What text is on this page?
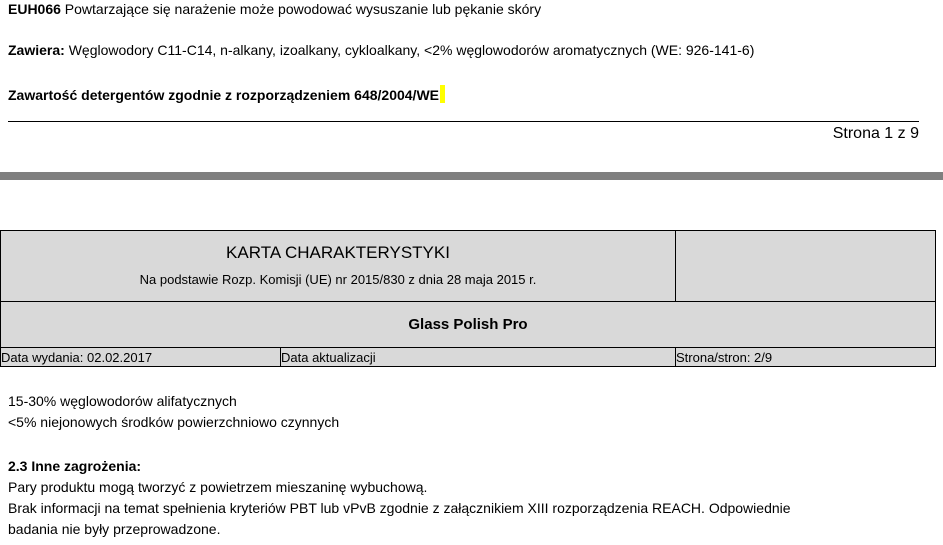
EUH066 Powtarzające się narażenie może powodować wysuszanie lub pękanie skóry
Zawiera: Węglowodory C11-C14, n-alkany, izoalkany, cykloalkany, <2% węglowodorów aromatycznych (WE: 926-141-6)
Zawartość detergentów zgodnie z rozporządzeniem 648/2004/WE
Strona 1 z 9
KARTA CHARAKTERYSTYKI
Na podstawie Rozp. Komisji (UE) nr 2015/830 z dnia 28 maja 2015 r.		

Glass Polish Pro		
Data wydania: 02.02.2017	Data aktualizacji	Strona/stron: 2/9
15-30% węglowodorów alifatycznych
<5% niejonowych środków powierzchniowo czynnych
2.3 Inne zagrożenia:
Pary produktu mogą tworzyć z powietrzem mieszaninę wybuchową.
Brak informacji na temat spełnienia kryteriów PBT lub vPvB zgodnie z załącznikiem XIII rozporządzenia REACH. Odpowiednie
badania nie były przeprowadzone.
